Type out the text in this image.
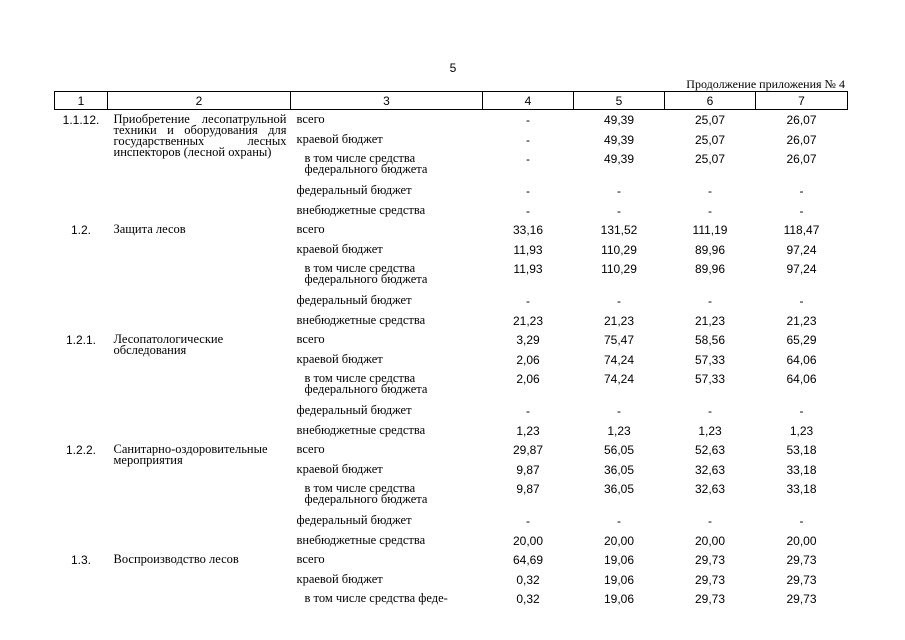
5
Продолжение приложения № 4
1	2	3	4	5	6	7
1.1.12.	Приобретение лесопатрульной техники и оборудования для государственных лесных инспекторов (лесной охраны)	всего	-	49,39	25,07	26,07
		краевой бюджет	-	49,39	25,07	26,07
		в том числе средства федерального бюджета	-	49,39	25,07	26,07
		федеральный бюджет	-	-	-	-
		внебюджетные средства	-	-	-	-
1.2.	Защита лесов	всего	33,16	131,52	111,19	118,47
		краевой бюджет	11,93	110,29	89,96	97,24
		в том числе средства федерального бюджета	11,93	110,29	89,96	97,24
		федеральный бюджет	-	-	-	-
		внебюджетные средства	21,23	21,23	21,23	21,23
1.2.1.	Лесопатологические обследования	всего	3,29	75,47	58,56	65,29
		краевой бюджет	2,06	74,24	57,33	64,06
		в том числе средства федерального бюджета	2,06	74,24	57,33	64,06
		федеральный бюджет	-	-	-	-
		внебюджетные средства	1,23	1,23	1,23	1,23
1.2.2.	Санитарно-оздоровительные мероприятия	всего	29,87	56,05	52,63	53,18
		краевой бюджет	9,87	36,05	32,63	33,18
		в том числе средства федерального бюджета	9,87	36,05	32,63	33,18
		федеральный бюджет	-	-	-	-
		внебюджетные средства	20,00	20,00	20,00	20,00
1.3.	Воспроизводство лесов	всего	64,69	19,06	29,73	29,73
		краевой бюджет	0,32	19,06	29,73	29,73
		в том числе средства феде-	0,32	19,06	29,73	29,73
